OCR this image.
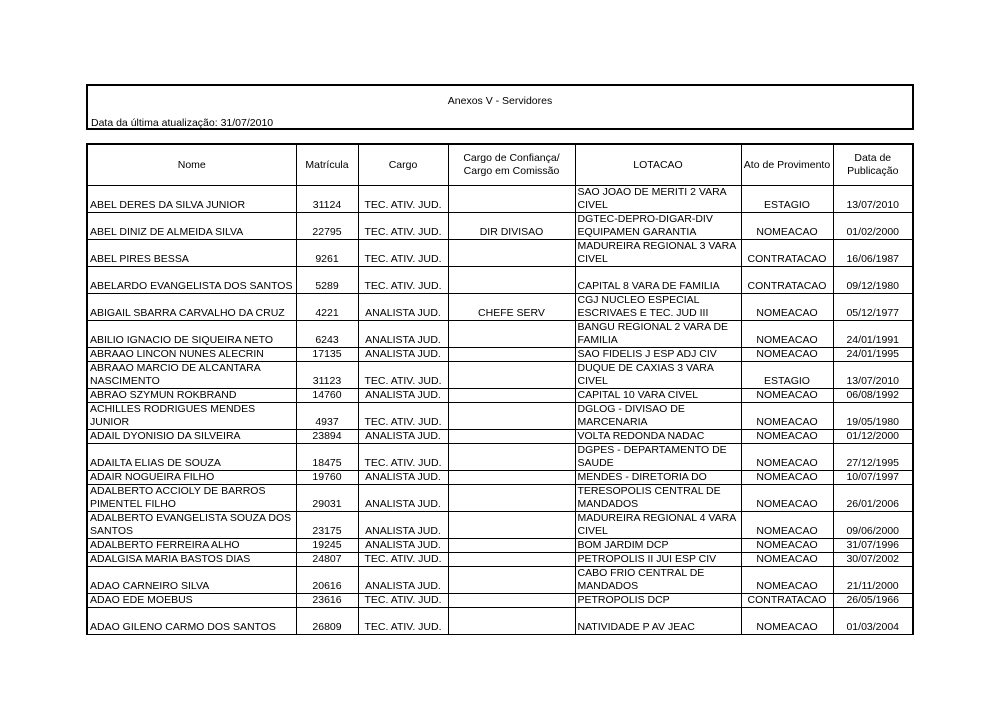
Anexos V - Servidores
Data da última atualização: 31/07/2010
Nome	Matrícula	Cargo	Cargo de Confiança/ Cargo em Comissão	LOTACAO	Ato de Provimento	Data de Publicação
ABEL DERES DA SILVA JUNIOR	31124	TEC. ATIV. JUD.		SAO JOAO DE MERITI 2 VARA CIVEL	ESTAGIO	13/07/2010
ABEL DINIZ DE ALMEIDA SILVA	22795	TEC. ATIV. JUD.	DIR DIVISAO	DGTEC-DEPRO-DIGAR-DIV EQUIPAMEN GARANTIA	NOMEACAO	01/02/2000
ABEL PIRES BESSA	9261	TEC. ATIV. JUD.		MADUREIRA REGIONAL 3 VARA CIVEL	CONTRATACAO	16/06/1987
ABELARDO EVANGELISTA DOS SANTOS	5289	TEC. ATIV. JUD.		CAPITAL 8 VARA DE FAMILIA	CONTRATACAO	09/12/1980
ABIGAIL SBARRA CARVALHO DA CRUZ	4221	ANALISTA JUD.	CHEFE SERV	CGJ NUCLEO ESPECIAL ESCRIVAES E TEC. JUD III	NOMEACAO	05/12/1977
ABILIO IGNACIO DE SIQUEIRA NETO	6243	ANALISTA JUD.		BANGU REGIONAL 2 VARA DE FAMILIA	NOMEACAO	24/01/1991
ABRAAO LINCON NUNES ALECRIN	17135	ANALISTA JUD.		SAO FIDELIS J ESP ADJ CIV	NOMEACAO	24/01/1995
ABRAAO MARCIO DE ALCANTARA NASCIMENTO	31123	TEC. ATIV. JUD.		DUQUE DE CAXIAS 3 VARA CIVEL	ESTAGIO	13/07/2010
ABRAO SZYMUN ROKBRAND	14760	ANALISTA JUD.		CAPITAL 10 VARA CIVEL	NOMEACAO	06/08/1992
ACHILLES RODRIGUES MENDES JUNIOR	4937	TEC. ATIV. JUD.		DGLOG - DIVISAO DE MARCENARIA	NOMEACAO	19/05/1980
ADAIL DYONISIO DA SILVEIRA	23894	ANALISTA JUD.		VOLTA REDONDA NADAC	NOMEACAO	01/12/2000
ADAILTA ELIAS DE SOUZA	18475	TEC. ATIV. JUD.		DGPES - DEPARTAMENTO DE SAUDE	NOMEACAO	27/12/1995
ADAIR NOGUEIRA FILHO	19760	ANALISTA JUD.		MENDES - DIRETORIA DO	NOMEACAO	10/07/1997
ADALBERTO ACCIOLY DE BARROS PIMENTEL FILHO	29031	ANALISTA JUD.		TERESOPOLIS CENTRAL DE MANDADOS	NOMEACAO	26/01/2006
ADALBERTO EVANGELISTA SOUZA DOS SANTOS	23175	ANALISTA JUD.		MADUREIRA REGIONAL 4 VARA CIVEL	NOMEACAO	09/06/2000
ADALBERTO FERREIRA ALHO	19245	ANALISTA JUD.		BOM JARDIM DCP	NOMEACAO	31/07/1996
ADALGISA MARIA BASTOS DIAS	24807	TEC. ATIV. JUD.		PETROPOLIS II JUI ESP CIV	NOMEACAO	30/07/2002
ADAO CARNEIRO SILVA	20616	ANALISTA JUD.		CABO FRIO CENTRAL DE MANDADOS	NOMEACAO	21/11/2000
ADAO EDE MOEBUS	23616	TEC. ATIV. JUD.		PETROPOLIS DCP	CONTRATACAO	26/05/1966
ADAO GILENO CARMO DOS SANTOS	26809	TEC. ATIV. JUD.		NATIVIDADE P AV JEAC	NOMEACAO	01/03/2004
